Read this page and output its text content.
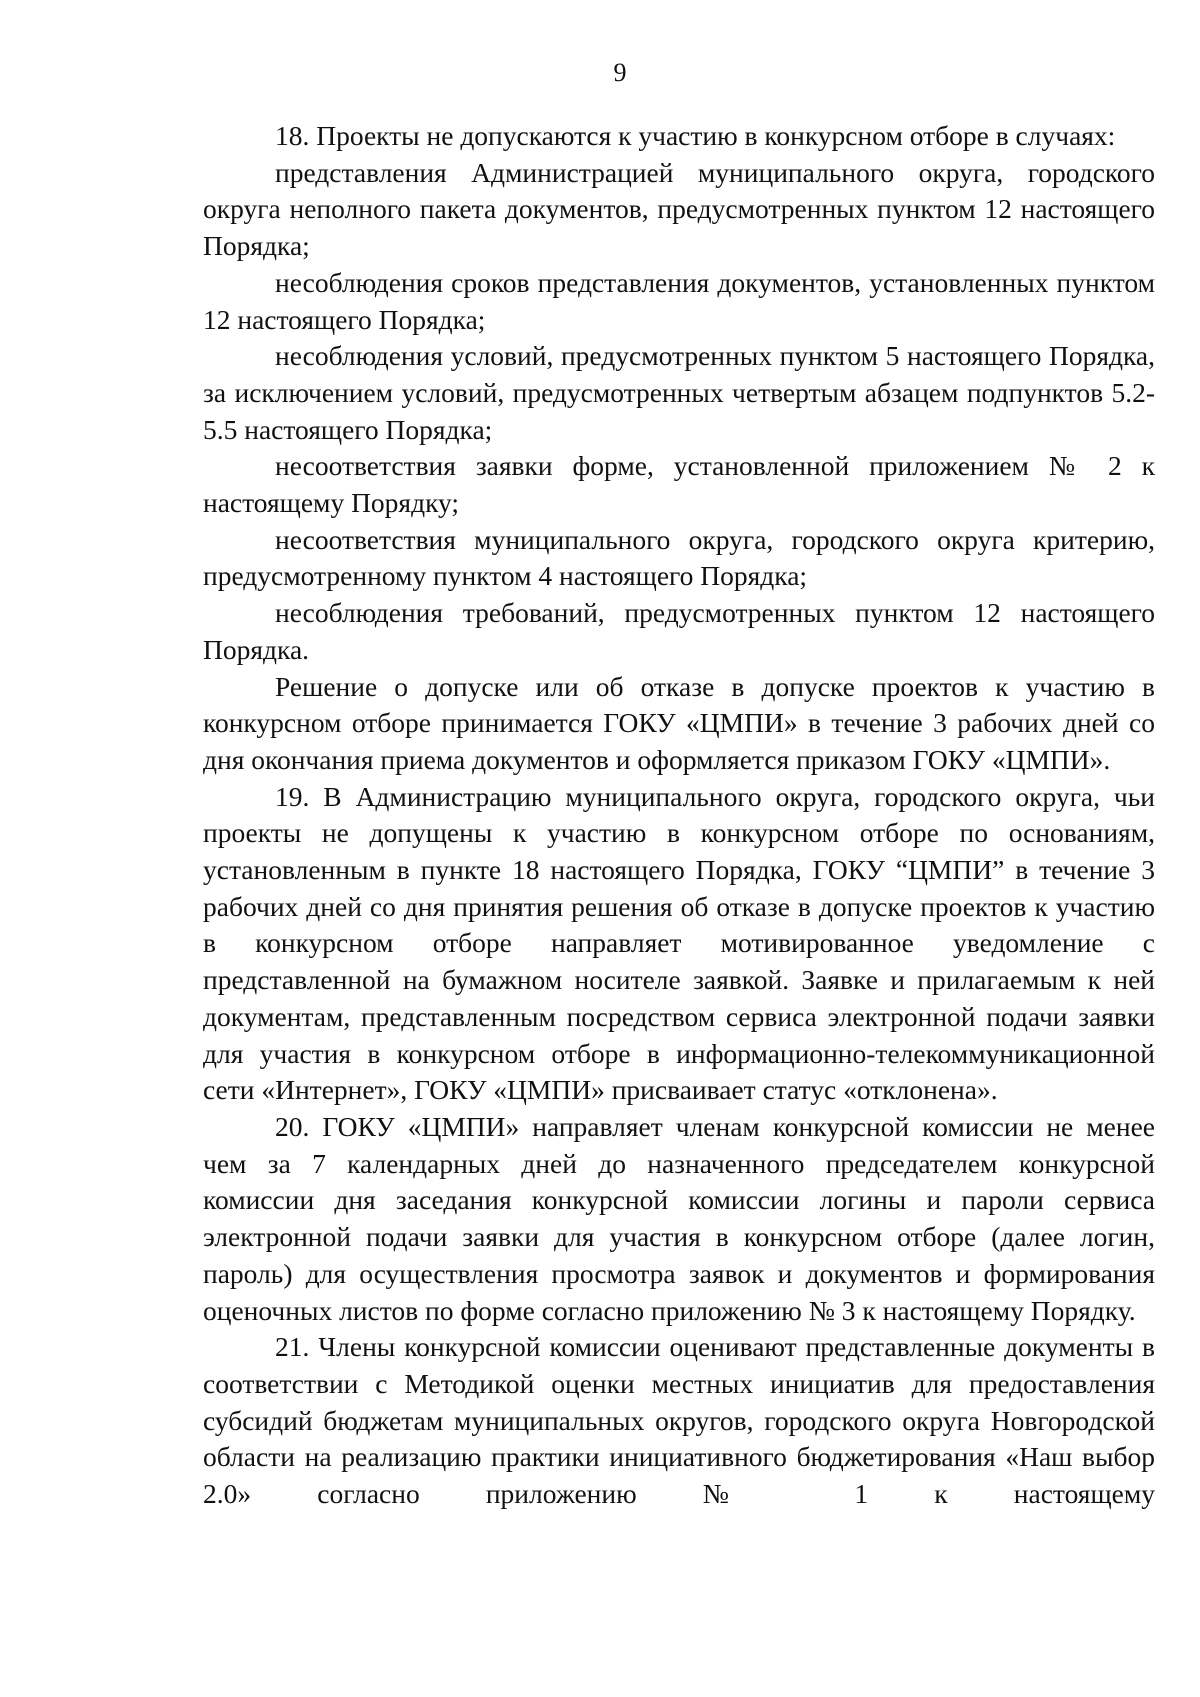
9

18. Проекты не допускаются к участию в конкурсном отборе в случаях:

представления Администрацией муниципального округа, городского округа неполного пакета документов, предусмотренных пунктом 12 настоящего Порядка;

несоблюдения сроков представления документов, установленных пунктом 12 настоящего Порядка;

несоблюдения условий, предусмотренных пунктом 5 настоящего Порядка, за исключением условий, предусмотренных четвертым абзацем подпунктов 5.2-5.5 настоящего Порядка;

несоответствия заявки форме, установленной приложением № 2 к настоящему Порядку;

несоответствия муниципального округа, городского округа критерию, предусмотренному пунктом 4 настоящего Порядка;

несоблюдения требований, предусмотренных пунктом 12 настоящего Порядка.

Решение о допуске или об отказе в допуске проектов к участию в конкурсном отборе принимается ГОКУ «ЦМПИ» в течение 3 рабочих дней со дня окончания приема документов и оформляется приказом ГОКУ «ЦМПИ».

19. В Администрацию муниципального округа, городского округа, чьи проекты не допущены к участию в конкурсном отборе по основаниям, установленным в пункте 18 настоящего Порядка, ГОКУ “ЦМПИ” в течение 3 рабочих дней со дня принятия решения об отказе в допуске проектов к участию в конкурсном отборе направляет мотивированное уведомление с представленной на бумажном носителе заявкой. Заявке и прилагаемым к ней документам, представленным посредством сервиса электронной подачи заявки для участия в конкурсном отборе в информационно-телекоммуникационной сети «Интернет», ГОКУ «ЦМПИ» присваивает статус «отклонена».

20. ГОКУ «ЦМПИ» направляет членам конкурсной комиссии не менее чем за 7 календарных дней до назначенного председателем конкурсной комиссии дня заседания конкурсной комиссии логины и пароли сервиса электронной подачи заявки для участия в конкурсном отборе (далее логин, пароль) для осуществления просмотра заявок и документов и формирования оценочных листов по форме согласно приложению № 3 к настоящему Порядку.

21. Члены конкурсной комиссии оценивают представленные документы в соответствии с Методикой оценки местных инициатив для предоставления субсидий бюджетам муниципальных округов, городского округа Новгородской области на реализацию практики инициативного бюджетирования «Наш выбор 2.0» согласно приложению № 1 к настоящему
